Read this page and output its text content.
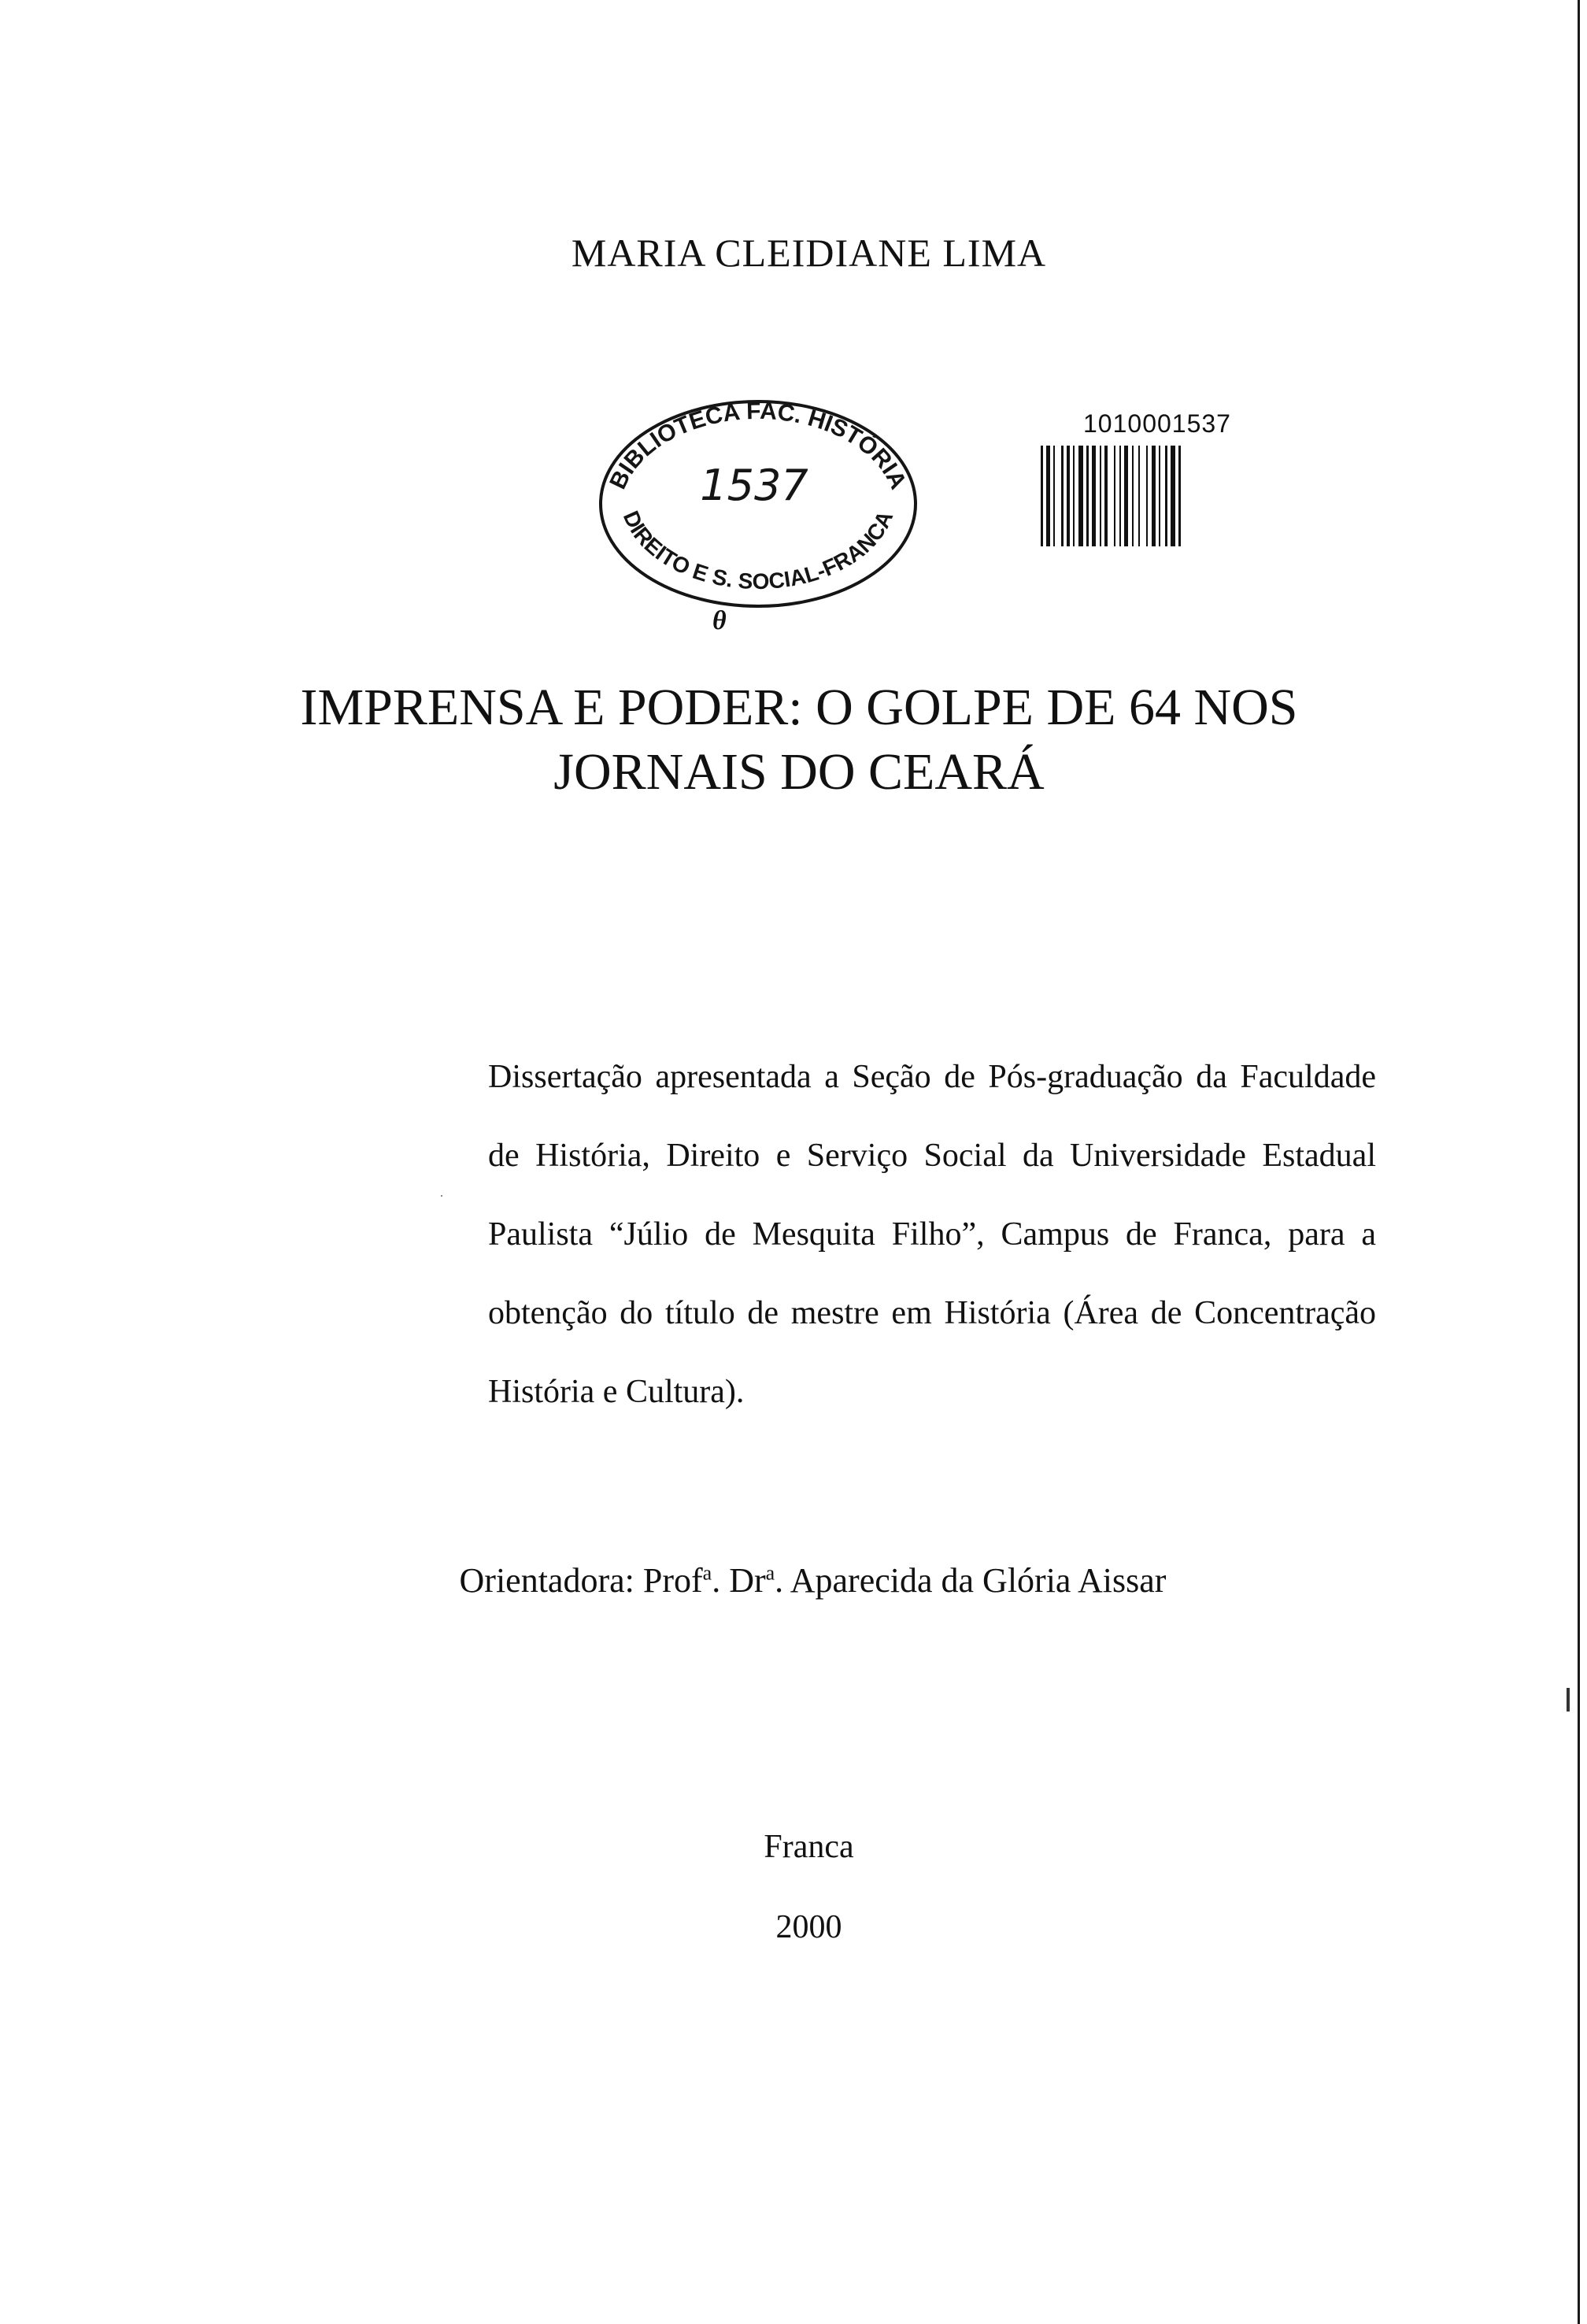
MARIA CLEIDIANE LIMA
BIBLIOTECA FAC. HISTÓRIA
DIREITO E S. SOCIAL-FRANCA
1537
θ
1010001537
IMPRENSA E PODER: O GOLPE DE 64 NOS
JORNAIS DO CEARÁ

Dissertação apresentada a Seção de Pós-graduação da Faculdade de História, Direito e Serviço Social da Universidade Estadual Paulista “Júlio de Mesquita Filho”, Campus de Franca, para a obtenção do título de mestre em História (Área de Concentração História e Cultura).

Orientadora: Prof$^a$. Dr$^a$. Aparecida da Glória Aissar
Franca
2000
